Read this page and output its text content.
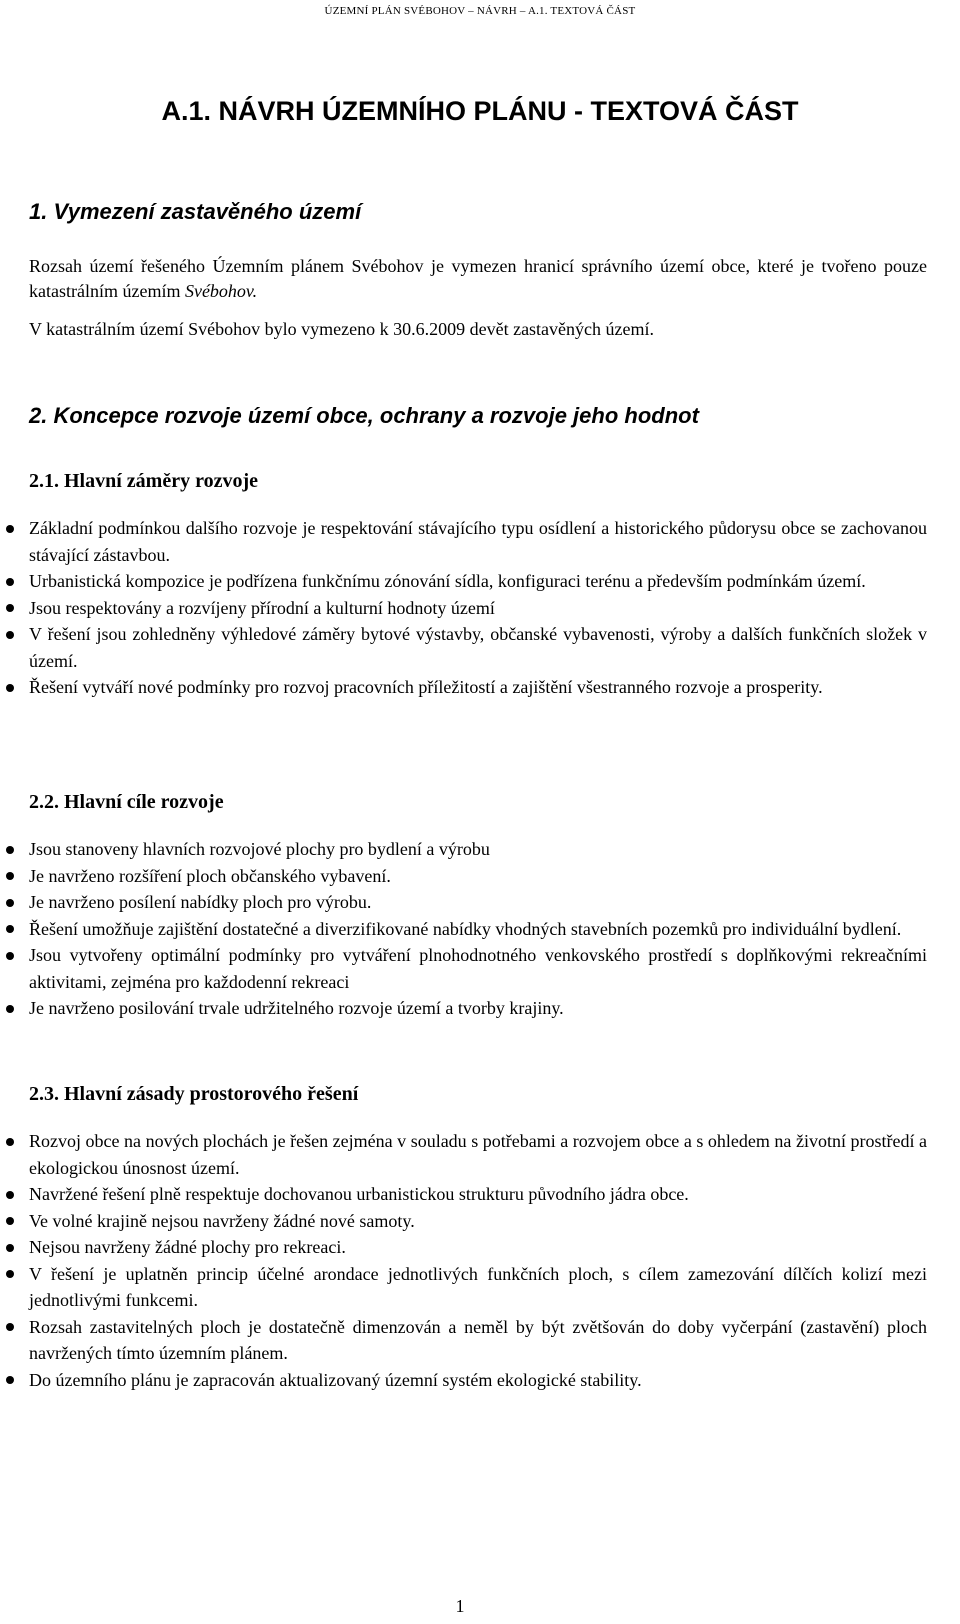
ÚZEMNÍ PLÁN SVÉBOHOV – NÁVRH – A.1. TEXTOVÁ ČÁST
A.1. NÁVRH ÚZEMNÍHO PLÁNU - TEXTOVÁ ČÁST
1. Vymezení zastavěného území

Rozsah území řešeného Územním plánem Svébohov je vymezen hranicí správního území obce, které je tvořeno pouze katastrálním územím Svébohov.

V katastrálním území Svébohov bylo vymezeno k 30.6.2009 devět zastavěných území.

2. Koncepce rozvoje území obce, ochrany a rozvoje jeho hodnot
2.1. Hlavní záměry rozvoje
Základní podmínkou dalšího rozvoje je respektování stávajícího typu osídlení a historického půdorysu obce se zachovanou stávající zástavbou.
Urbanistická kompozice je podřízena funkčnímu zónování sídla, konfiguraci terénu a především podmínkám území.
Jsou respektovány a rozvíjeny přírodní a kulturní hodnoty území
V řešení jsou zohledněny výhledové záměry bytové výstavby, občanské vybavenosti, výroby a dalších funkčních složek v území.
Řešení vytváří nové podmínky pro rozvoj pracovních příležitostí a zajištění všestranného rozvoje a prosperity.
2.2. Hlavní cíle rozvoje
Jsou stanoveny hlavních rozvojové plochy pro bydlení a výrobu
Je navrženo rozšíření ploch občanského vybavení.
Je navrženo posílení nabídky ploch pro výrobu.
Řešení umožňuje zajištění dostatečné a diverzifikované nabídky vhodných stavebních pozemků pro individuální bydlení.
Jsou vytvořeny optimální podmínky pro vytváření plnohodnotného venkovského prostředí s doplňkovými rekreačními aktivitami, zejména pro každodenní rekreaci
Je navrženo posilování trvale udržitelného rozvoje území a tvorby krajiny.
2.3. Hlavní zásady prostorového řešení
Rozvoj obce na nových plochách je řešen zejména v souladu s potřebami a rozvojem obce a s ohledem na životní prostředí a ekologickou únosnost území.
Navržené řešení plně respektuje dochovanou urbanistickou strukturu původního jádra obce.
Ve volné krajině nejsou navrženy žádné nové samoty.
Nejsou navrženy žádné plochy pro rekreaci.
V řešení je uplatněn princip účelné arondace jednotlivých funkčních ploch, s cílem zamezování dílčích kolizí mezi jednotlivými funkcemi.
Rozsah zastavitelných ploch je dostatečně dimenzován a neměl by být zvětšován do doby vyčerpání (zastavění) ploch navržených tímto územním plánem.
Do územního plánu je zapracován aktualizovaný územní systém ekologické stability.
1
